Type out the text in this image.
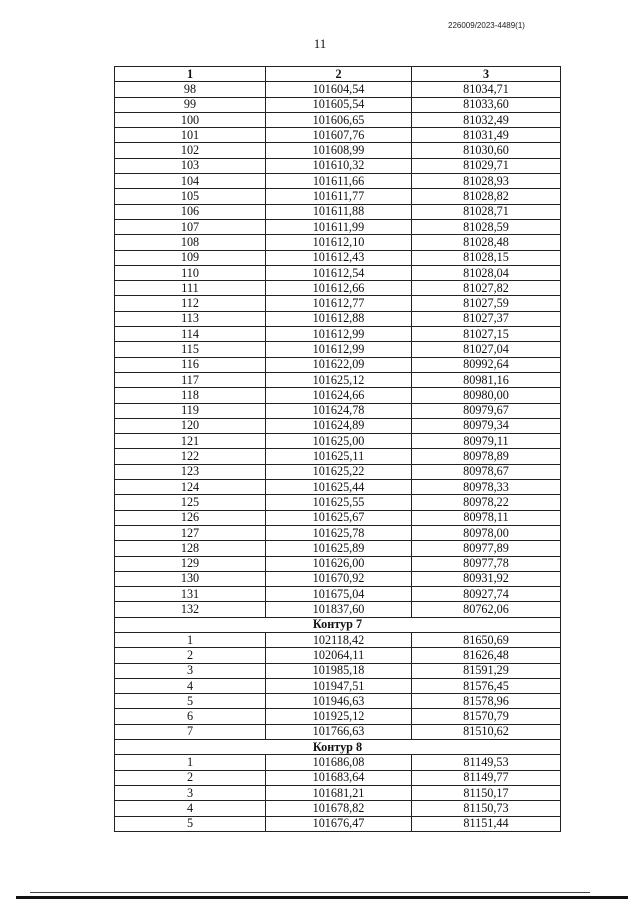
226009/2023-4489(1)
11
1	2	3
98	101604,54	81034,71
99	101605,54	81033,60
100	101606,65	81032,49
101	101607,76	81031,49
102	101608,99	81030,60
103	101610,32	81029,71
104	101611,66	81028,93
105	101611,77	81028,82
106	101611,88	81028,71
107	101611,99	81028,59
108	101612,10	81028,48
109	101612,43	81028,15
110	101612,54	81028,04
111	101612,66	81027,82
112	101612,77	81027,59
113	101612,88	81027,37
114	101612,99	81027,15
115	101612,99	81027,04
116	101622,09	80992,64
117	101625,12	80981,16
118	101624,66	80980,00
119	101624,78	80979,67
120	101624,89	80979,34
121	101625,00	80979,11
122	101625,11	80978,89
123	101625,22	80978,67
124	101625,44	80978,33
125	101625,55	80978,22
126	101625,67	80978,11
127	101625,78	80978,00
128	101625,89	80977,89
129	101626,00	80977,78
130	101670,92	80931,92
131	101675,04	80927,74
132	101837,60	80762,06
Контур 7		
1	102118,42	81650,69
2	102064,11	81626,48
3	101985,18	81591,29
4	101947,51	81576,45
5	101946,63	81578,96
6	101925,12	81570,79
7	101766,63	81510,62
Контур 8		
1	101686,08	81149,53
2	101683,64	81149,77
3	101681,21	81150,17
4	101678,82	81150,73
5	101676,47	81151,44
